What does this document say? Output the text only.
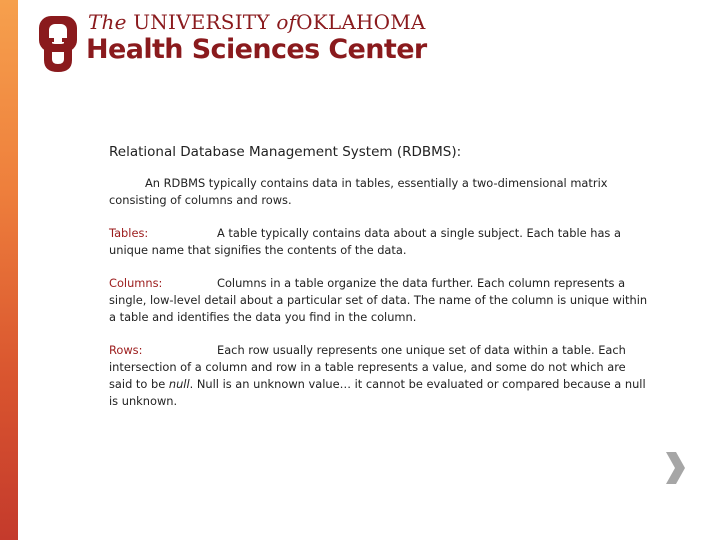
The UNIVERSITY ofOKLAHOMA
Health Sciences Center
Relational Database Management System (RDBMS):
An RDBMS typically contains data in tables, essentially a two-dimensional matrix consisting of columns and rows.
Tables:	A table typically contains data about a single subject. Each table has a unique name that signifies the contents of the data.
Columns:	Columns in a table organize the data further. Each column represents a single, low-level detail about a particular set of data. The name of the column is unique within a table and identifies the data you find in the column.
Rows:	Each row usually represents one unique set of data within a table. Each intersection of a column and row in a table represents a value, and some do not which are said to be null. Null is an unknown value… it cannot be evaluated or compared because a null is unknown.
